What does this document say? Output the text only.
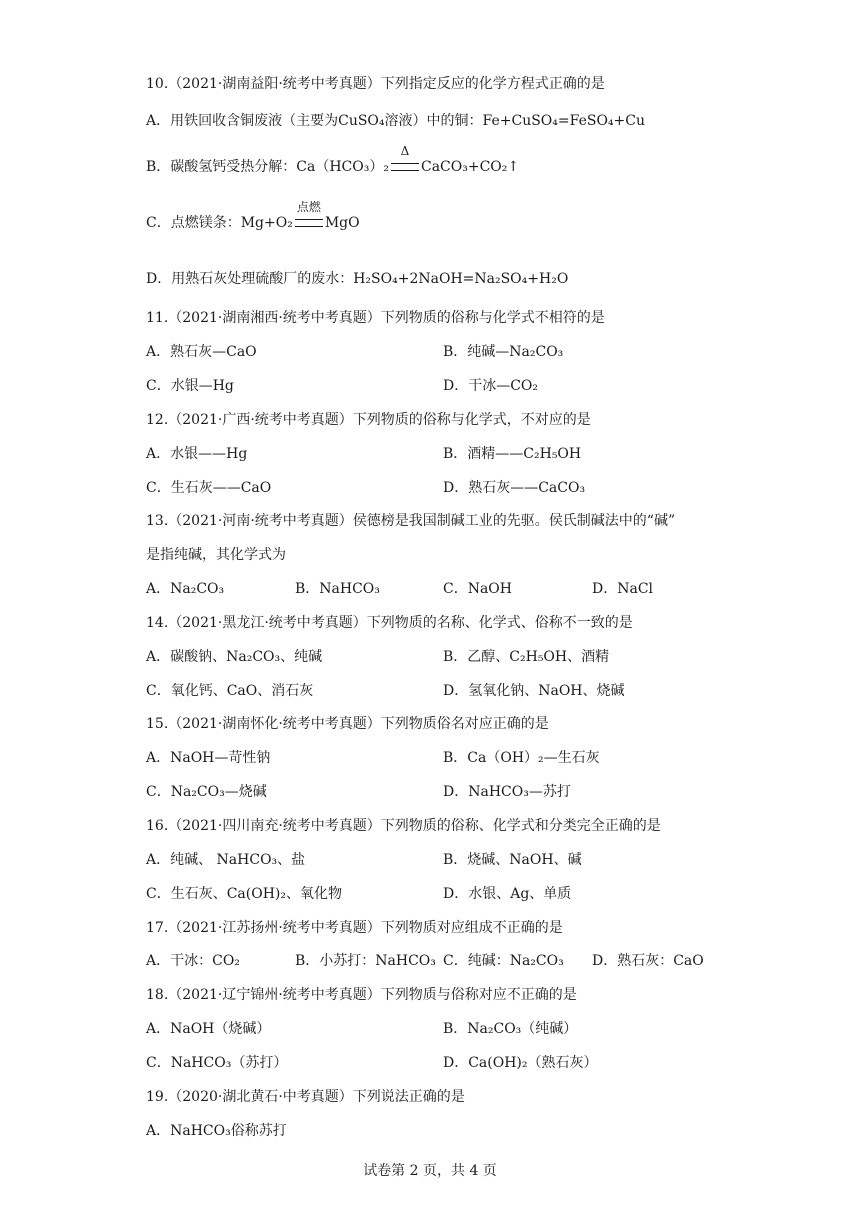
10.（2021·湖南益阳·统考中考真题）下列指定反应的化学方程式正确的是
A．用铁回收含铜废液（主要为CuSO₄溶液）中的铜：Fe+CuSO₄=FeSO₄+Cu
B．碳酸氢钙受热分解：Ca（HCO₃）₂
Δ
CaCO₃+CO₂↑
C．点燃镁条：Mg+O₂
点燃
MgO
D．用熟石灰处理硫酸厂的废水：H₂SO₄+2NaOH=Na₂SO₄+H₂O
11.（2021·湖南湘西·统考中考真题）下列物质的俗称与化学式不相符的是
A．熟石灰—CaO	B．纯碱—Na₂CO₃
C．水银—Hg	D．干冰—CO₂
12.（2021·广西·统考中考真题）下列物质的俗称与化学式，不对应的是
A．水银——Hg	B．酒精——C₂H₅OH
C．生石灰——CaO	D．熟石灰——CaCO₃
13.（2021·河南·统考中考真题）侯德榜是我国制碱工业的先驱。侯氏制碱法中的“碱”
是指纯碱，其化学式为
A．Na₂CO₃	B．NaHCO₃	C．NaOH	D．NaCl
14.（2021·黑龙江·统考中考真题）下列物质的名称、化学式、俗称不一致的是
A．碳酸钠、Na₂CO₃、纯碱	B．乙醇、C₂H₅OH、酒精
C．氧化钙、CaO、消石灰	D．氢氧化钠、NaOH、烧碱
15.（2021·湖南怀化·统考中考真题）下列物质俗名对应正确的是
A．NaOH—苛性钠	B．Ca（OH）₂—生石灰
C．Na₂CO₃—烧碱	D．NaHCO₃—苏打
16.（2021·四川南充·统考中考真题）下列物质的俗称、化学式和分类完全正确的是
A．纯碱、 NaHCO₃、盐	B．烧碱、NaOH、碱
C．生石灰、Ca(OH)₂、氧化物	D．水银、Ag、单质
17.（2021·江苏扬州·统考中考真题）下列物质对应组成不正确的是
A．干冰：CO₂	B．小苏打：NaHCO₃ C．纯碱：Na₂CO₃ D．熟石灰：CaO
18.（2021·辽宁锦州·统考中考真题）下列物质与俗称对应不正确的是
A．NaOH（烧碱）	B．Na₂CO₃（纯碱）
C．NaHCO₃（苏打）	D．Ca(OH)₂（熟石灰）
19.（2020·湖北黄石·中考真题）下列说法正确的是
A．NaHCO₃俗称苏打
试卷第 2 页，共 4 页
